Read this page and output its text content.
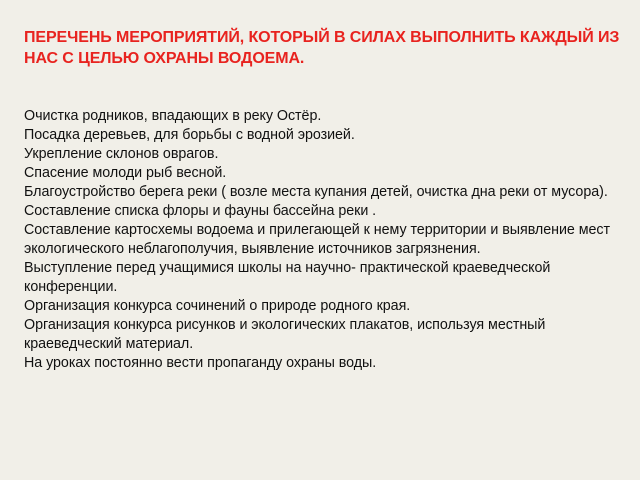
ПЕРЕЧЕНЬ МЕРОПРИЯТИЙ, КОТОРЫЙ В СИЛАХ ВЫПОЛНИТЬ КАЖДЫЙ ИЗ НАС С ЦЕЛЬЮ ОХРАНЫ ВОДОЕМА.
Очистка родников, впадающих в реку Остёр.
Посадка деревьев, для борьбы с водной эрозией.
Укрепление склонов оврагов.
Спасение молоди рыб весной.
Благоустройство берега реки ( возле места купания детей, очистка дна реки от мусора).
Составление списка флоры и фауны бассейна реки .
Составление картосхемы водоема и прилегающей к нему территории и выявление мест экологического неблагополучия, выявление источников загрязнения.
Выступление перед учащимися школы на научно- практической краеведческой конференции.
Организация конкурса сочинений о природе родного края.
Организация конкурса рисунков и экологических плакатов, используя местный краеведческий материал.
На уроках постоянно вести пропаганду охраны воды.
